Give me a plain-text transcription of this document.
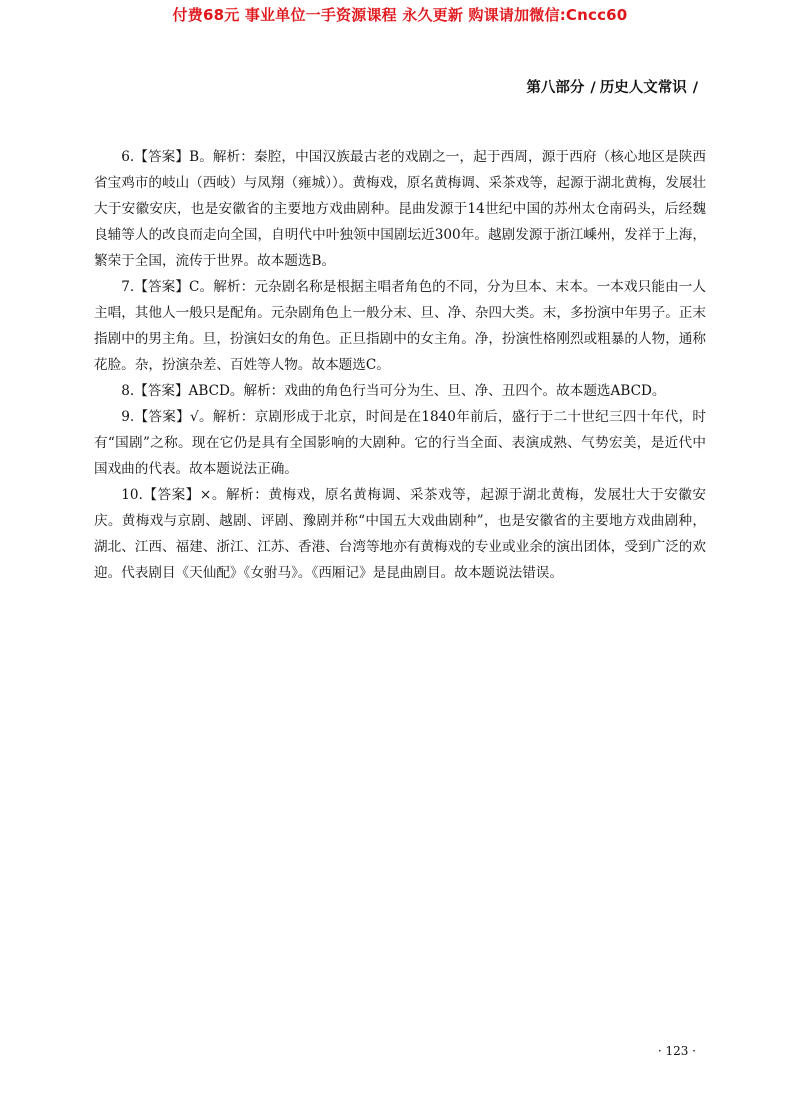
付费68元 事业单位一手资源课程 永久更新 购课请加微信:Cncc60
第八部分 / 历史人文常识 /

6.【答案】B。解析：秦腔，中国汉族最古老的戏剧之一，起于西周，源于西府（核心地区是陕西省宝鸡市的岐山（西岐）与凤翔（雍城））。黄梅戏，原名黄梅调、采茶戏等，起源于湖北黄梅，发展壮大于安徽安庆，也是安徽省的主要地方戏曲剧种。昆曲发源于14世纪中国的苏州太仓南码头，后经魏良辅等人的改良而走向全国，自明代中叶独领中国剧坛近300年。越剧发源于浙江嵊州，发祥于上海，繁荣于全国，流传于世界。故本题选B。

7.【答案】C。解析：元杂剧名称是根据主唱者角色的不同，分为旦本、末本。一本戏只能由一人主唱，其他人一般只是配角。元杂剧角色上一般分末、旦、净、杂四大类。末，多扮演中年男子。正末指剧中的男主角。旦，扮演妇女的角色。正旦指剧中的女主角。净，扮演性格刚烈或粗暴的人物，通称花脸。杂，扮演杂差、百姓等人物。故本题选C。

8.【答案】ABCD。解析：戏曲的角色行当可分为生、旦、净、丑四个。故本题选ABCD。

9.【答案】√。解析：京剧形成于北京，时间是在1840年前后，盛行于二十世纪三四十年代，时有“国剧”之称。现在它仍是具有全国影响的大剧种。它的行当全面、表演成熟、气势宏美，是近代中国戏曲的代表。故本题说法正确。

10.【答案】×。解析：黄梅戏，原名黄梅调、采茶戏等，起源于湖北黄梅，发展壮大于安徽安庆。黄梅戏与京剧、越剧、评剧、豫剧并称“中国五大戏曲剧种”，也是安徽省的主要地方戏曲剧种，湖北、江西、福建、浙江、江苏、香港、台湾等地亦有黄梅戏的专业或业余的演出团体，受到广泛的欢迎。代表剧目《天仙配》《女驸马》。《西厢记》是昆曲剧目。故本题说法错误。

· 123 ·
